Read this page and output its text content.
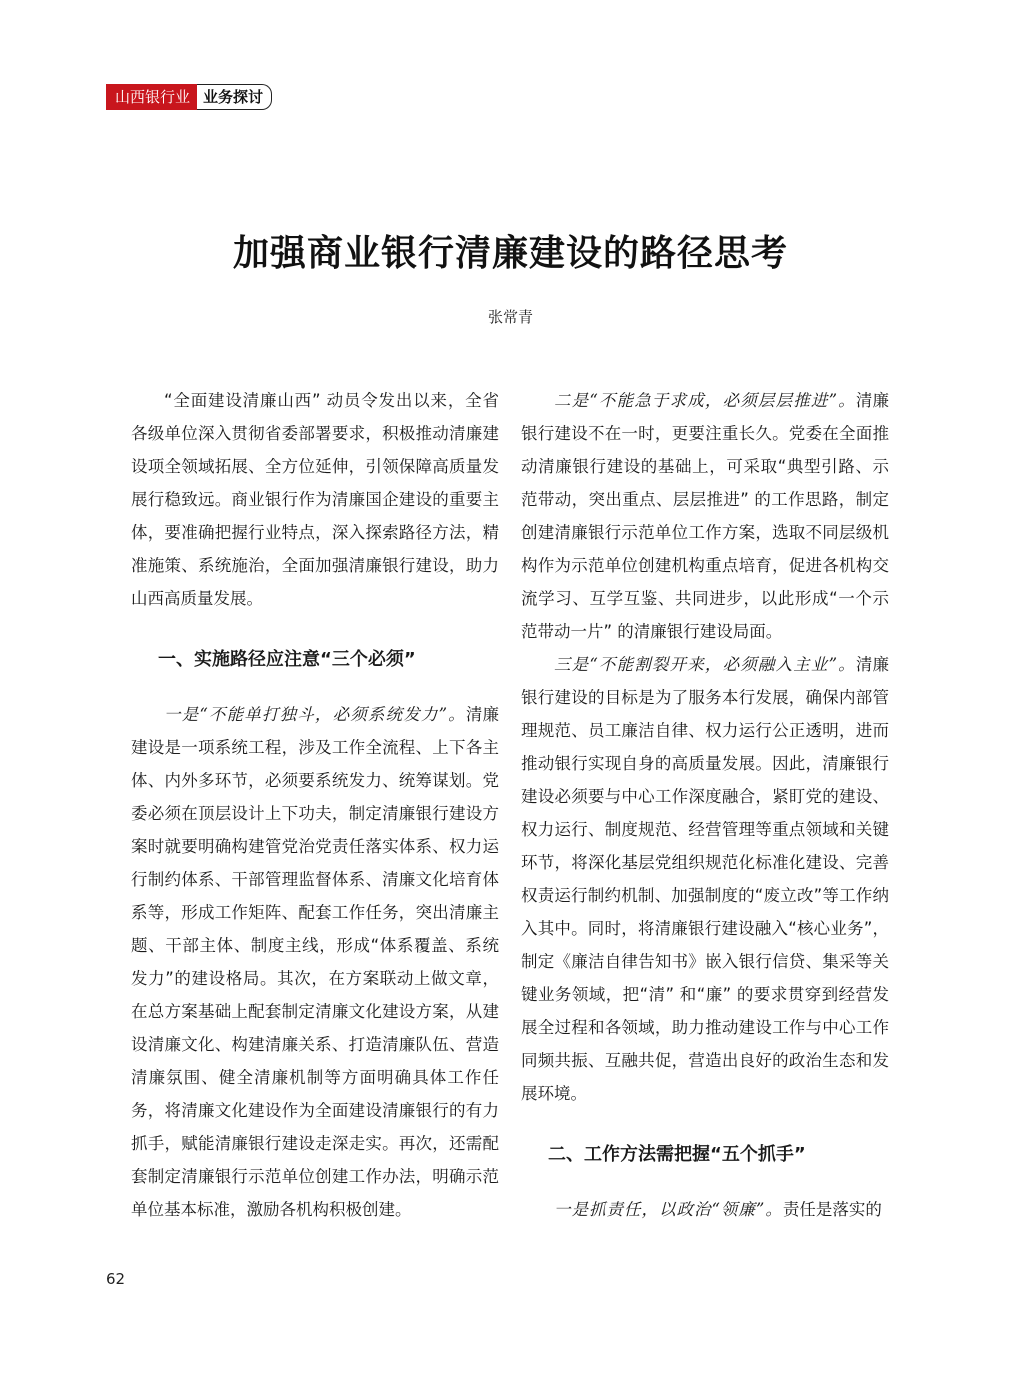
山西银行业 业务探讨
加强商业银行清廉建设的路径思考
张常青

“全面建设清廉山西” 动员令发出以来，全省各级单位深入贯彻省委部署要求，积极推动清廉建设项全领域拓展、全方位延伸，引领保障高质量发展行稳致远。商业银行作为清廉国企建设的重要主体，要准确把握行业特点，深入探索路径方法，精准施策、系统施治，全面加强清廉银行建设，助力山西高质量发展。

一、实施路径应注意“三个必须”

一是“不能单打独斗，必须系统发力”。清廉建设是一项系统工程，涉及工作全流程、上下各主体、内外多环节，必须要系统发力、统筹谋划。党委必须在顶层设计上下功夫，制定清廉银行建设方案时就要明确构建管党治党责任落实体系、权力运行制约体系、干部管理监督体系、清廉文化培育体系等，形成工作矩阵、配套工作任务，突出清廉主题、干部主体、制度主线，形成“体系覆盖、系统发力”的建设格局。其次，在方案联动上做文章，在总方案基础上配套制定清廉文化建设方案，从建设清廉文化、构建清廉关系、打造清廉队伍、营造清廉氛围、健全清廉机制等方面明确具体工作任务，将清廉文化建设作为全面建设清廉银行的有力抓手，赋能清廉银行建设走深走实。再次，还需配套制定清廉银行示范单位创建工作办法，明确示范单位基本标准，激励各机构积极创建。

二是“不能急于求成，必须层层推进”。清廉银行建设不在一时，更要注重长久。党委在全面推动清廉银行建设的基础上，可采取“典型引路、示范带动，突出重点、层层推进” 的工作思路，制定创建清廉银行示范单位工作方案，选取不同层级机构作为示范单位创建机构重点培育，促进各机构交流学习、互学互鉴、共同进步，以此形成“一个示范带动一片” 的清廉银行建设局面。

三是“不能割裂开来，必须融入主业”。清廉银行建设的目标是为了服务本行发展，确保内部管理规范、员工廉洁自律、权力运行公正透明，进而推动银行实现自身的高质量发展。因此，清廉银行建设必须要与中心工作深度融合，紧盯党的建设、权力运行、制度规范、经营管理等重点领域和关键环节，将深化基层党组织规范化标准化建设、完善权责运行制约机制、加强制度的“废立改”等工作纳入其中。同时，将清廉银行建设融入“核心业务”，制定《廉洁自律告知书》嵌入银行信贷、集采等关键业务领域，把“清” 和“廉” 的要求贯穿到经营发展全过程和各领域，助力推动建设工作与中心工作同频共振、互融共促，营造出良好的政治生态和发展环境。

二、工作方法需把握“五个抓手”

一是抓责任，以政治“领廉”。责任是落实的

62
